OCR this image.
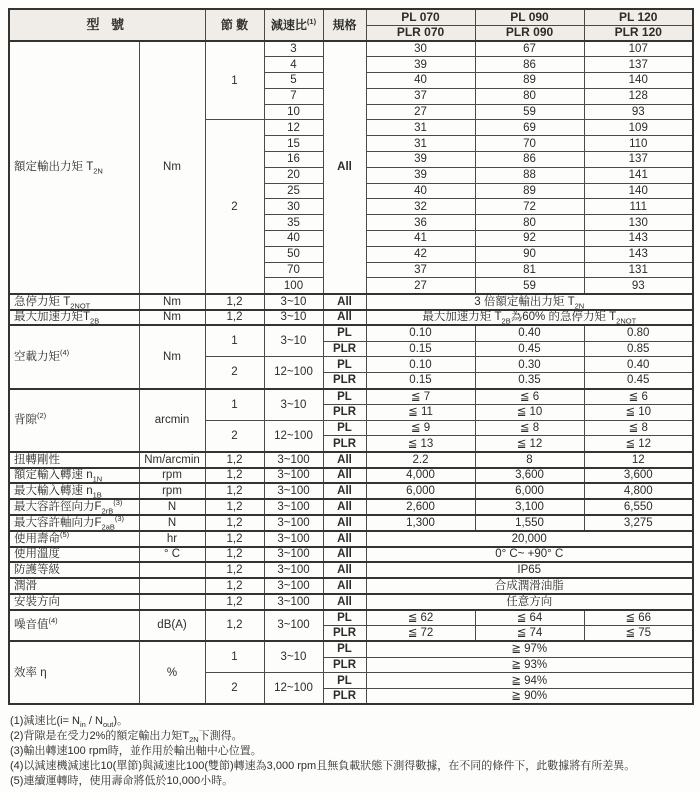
型 號		節 數	減速比$^{(1)}$	規格	PL 070	PL 090	PL 120
					PLR 070	PLR 090	PLR 120
額定輸出力矩 $T_{2N}$	Nm	1	3	All	30	67	107
			4		39	86	137
			5		40	89	140
			7		37	80	128
			10		27	59	93
		2	12		31	69	109
			15		31	70	110
			16		39	86	137
			20		39	88	141
			25		40	89	140
			30		32	72	111
			35		36	80	130
			40		41	92	143
			50		42	90	143
			70		37	81	131
			100		27	59	93
急停力矩 $T_{2NOT}$	Nm	1,2	3~10	All	3 倍額定輸出力矩 $T_{2N}$
最大加速力矩$T_{2B}$	Nm	1,2	3~10	All	最大加速力矩 $T_{2B}$為60% 的急停力矩 $T_{2NOT}$
空載力矩$^{(4)}$	Nm	1	3~10	PL	0.10	0.40	0.80
				PLR	0.15	0.45	0.85
		2	12~100	PL	0.10	0.30	0.40
				PLR	0.15	0.35	0.45
背隙$^{(2)}$	arcmin	1	3~10	PL	≦ 7	≦ 6	≦ 6
				PLR	≦ 11	≦ 10	≦ 10
		2	12~100	PL	≦ 9	≦ 8	≦ 8
				PLR	≦ 13	≦ 12	≦ 12
扭轉剛性	Nm/arcmin	1,2	3~100	All	2.2	8	12
額定輸入轉速 $n_{1N}$	rpm	1,2	3~100	All	4,000	3,600	3,600
最大輸入轉速 $n_{1B}$	rpm	1,2	3~100	All	6,000	6,000	4,800
最大容許徑向力$F_{2rB}^{(3)}$	N	1,2	3~100	All	2,600	3,100	6,550
最大容許軸向力$F_{2aB}^{(3)}$	N	1,2	3~100	All	1,300	1,550	3,275
使用壽命$^{(5)}$	hr	1,2	3~100	All	20,000		
使用溫度	° C	1,2	3~100	All	0° C~ +90° C		
防護等級		1,2	3~100	All	IP65		
潤滑		1,2	3~100	All	合成潤滑油脂		
安裝方向		1,2	3~100	All	任意方向		
噪音值$^{(4)}$	dB(A)	1,2	3~100	PL	≦ 62	≦ 64	≦ 66
				PLR	≦ 72	≦ 74	≦ 75
效率 η	%	1	3~10	PL	≧ 97%		
				PLR	≧ 93%		
		2	12~100	PL	≧ 94%		
				PLR	≧ 90%		
(1)減速比$(i= N_{in} / N_{out})$。
(2)背隙是在受力2%的額定輸出力矩$T_{2N}$下測得。
(3)輸出轉速100 rpm時，並作用於輸出軸中心位置。
(4)以減速機減速比10(單節)與減速比100(雙節)轉速為3,000 rpm且無負載狀態下測得數據，在不同的條件下，此數據將有所差異。
(5)連續運轉時，使用壽命將低於10,000小時。
